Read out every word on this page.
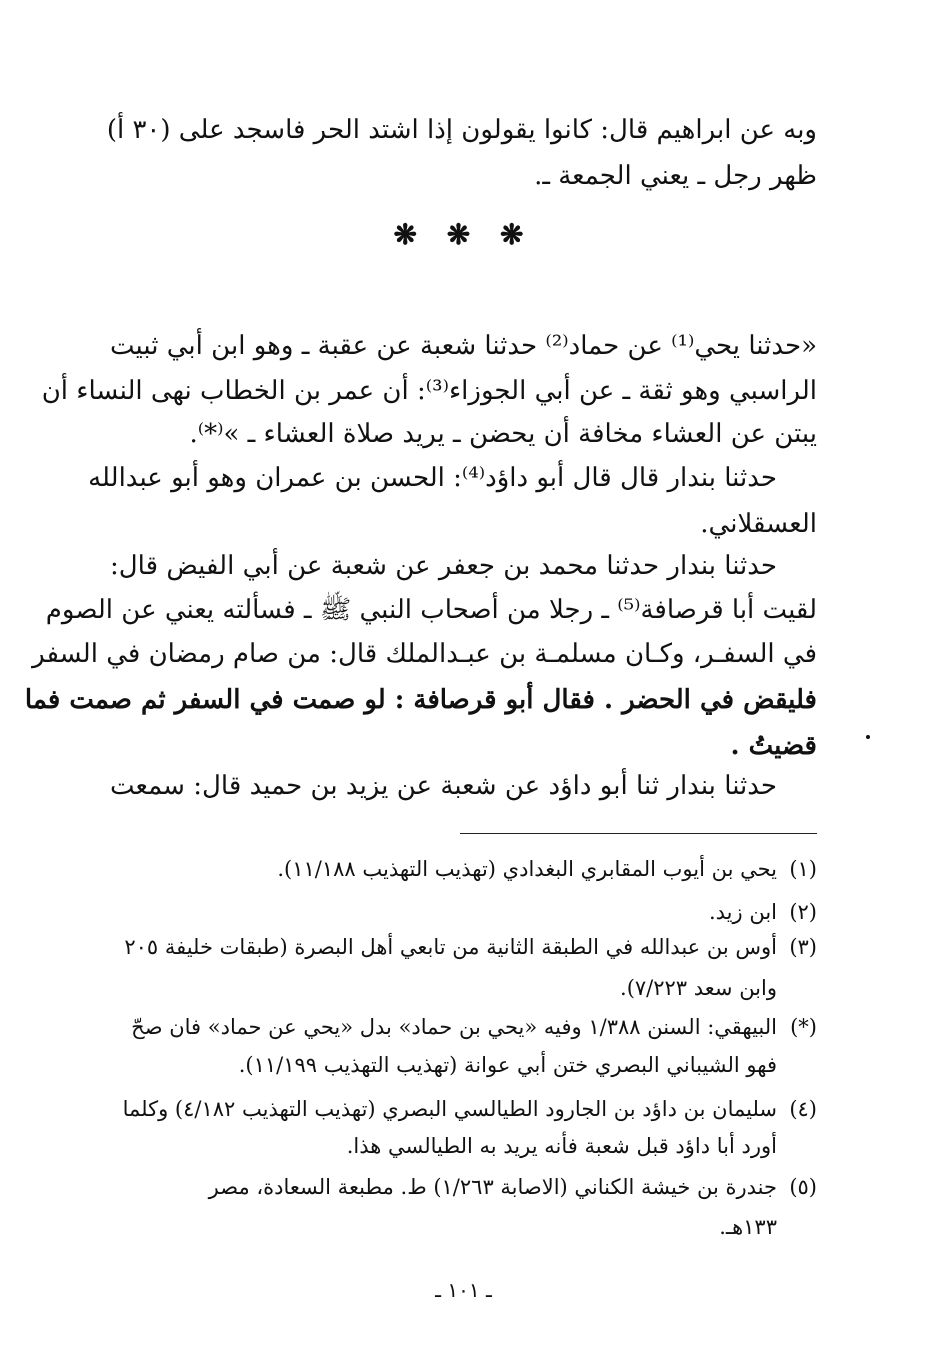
وبه عن ابراهيم قال: كانوا يقولون إذا اشتد الحر فاسجد على (٣٠ أ)
ظهر رجل ـ يعني الجمعة ـ.
❋ ❋ ❋
«حدثنا يحي⁽¹⁾ عن حماد⁽²⁾ حدثنا شعبة عن عقبة ـ وهو ابن أبي ثبيت
الراسبي وهو ثقة ـ عن أبي الجوزاء⁽³⁾: أن عمر بن الخطاب نهى النساء أن
يبتن عن العشاء مخافة أن يحضن ـ يريد صلاة العشاء ـ »⁽*⁾.
حدثنا بندار قال قال أبو داؤد⁽⁴⁾: الحسن بن عمران وهو أبو عبدالله
العسقلاني.
حدثنا بندار حدثنا محمد بن جعفر عن شعبة عن أبي الفيض قال:
لقيت أبا قرصافة⁽⁵⁾ ـ رجلا من أصحاب النبي ﷺ ـ فسألته يعني عن الصوم
في السفـر، وكـان مسلمـة بن عبـدالملك قال: من صام رمضان في السفر
فليقض في الحضر . فقال أبو قرصافة : لو صمت في السفر ثم صمت فما
قضيتُ .
حدثنا بندار ثنا أبو داؤد عن شعبة عن يزيد بن حميد قال: سمعت
(١)يحي بن أيوب المقابري البغدادي (تهذيب التهذيب ١١/١٨٨).
(٢)ابن زيد.
(٣)أوس بن عبدالله في الطبقة الثانية من تابعي أهل البصرة (طبقات خليفة ٢٠٥
وابن سعد ٧/٢٢٣).
(*)البيهقي: السنن ١/٣٨٨ وفيه «يحي بن حماد» بدل «يحي عن حماد» فان صحّ
فهو الشيباني البصري ختن أبي عوانة (تهذيب التهذيب ١١/١٩٩).
(٤)سليمان بن داؤد بن الجارود الطيالسي البصري (تهذيب التهذيب ٤/١٨٢) وكلما
أورد أبا داؤد قبل شعبة فأنه يريد به الطيالسي هذا.
(٥)جندرة بن خيشة الكناني (الاصابة ١/٢٦٣) ط. مطبعة السعادة، مصر
١٣٣هـ.
ـ ١٠١ ـ
